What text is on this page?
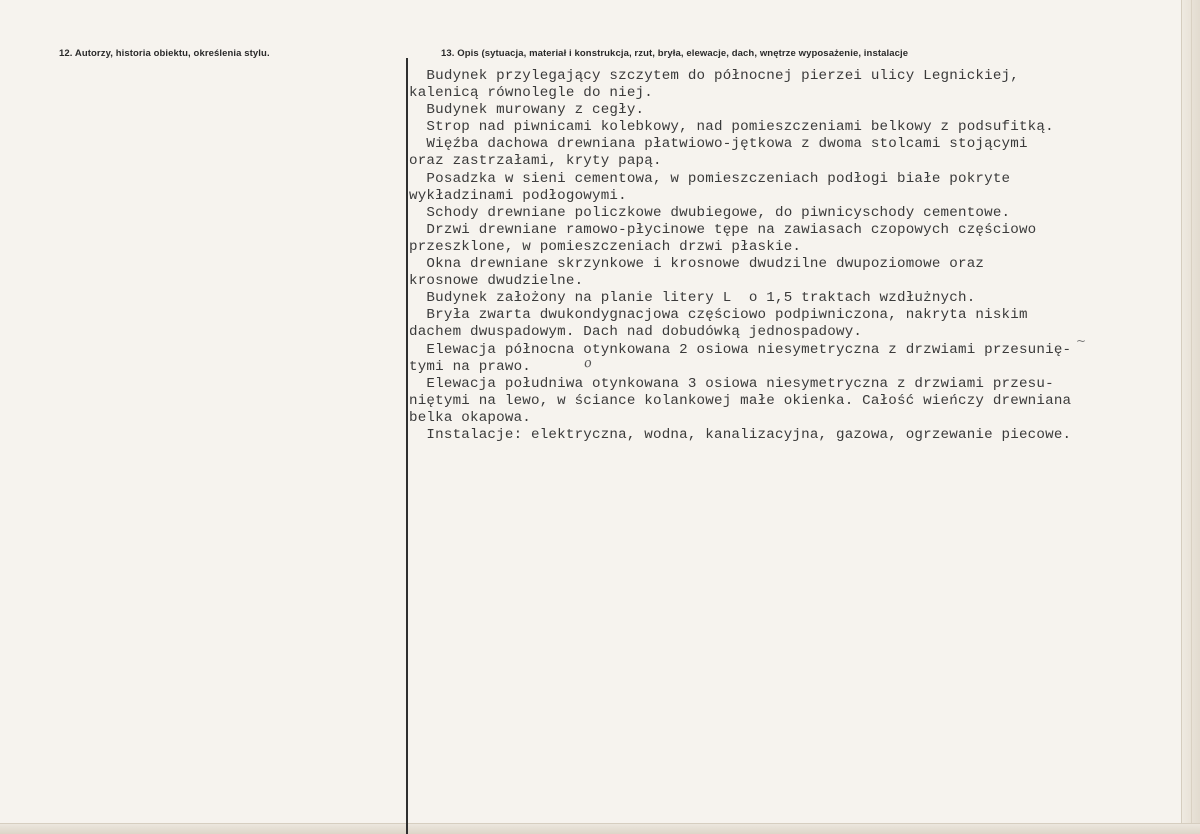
12. Autorzy, historia obiektu, określenia stylu.	13. Opis (sytuacja, materiał i konstrukcja, rzut, bryła, elewacje, dach, wnętrze wyposażenie, instalacje
Budynek przylegający szczytem do północnej pierzei ulicy Legnickiej,
kalenicą równolegle do niej.
Budynek murowany z cegły.
Strop nad piwnicami kolebkowy, nad pomieszczeniami belkowy z podsufitką.
Więźba dachowa drewniana płatwiowo-jętkowa z dwoma stolcami stojącymi
oraz zastrzałami, kryty papą.
Posadzka w sieni cementowa, w pomieszczeniach podłogi białe pokryte
wykładzinami podłogowymi.
Schody drewniane policzkowe dwubiegowe, do piwnicyschody cementowe.
Drzwi drewniane ramowo-płycinowe tępe na zawiasach czopowych częściowo
przeszklone, w pomieszczeniach drzwi płaskie.
Okna drewniane skrzynkowe i krosnowe dwudzilne dwupoziomowe oraz
krosnowe dwudzielne.
Budynek założony na planie litery L  o 1,5 traktach wzdłużnych.
Bryła zwarta dwukondygnacjowa częściowo podpiwniczona, nakryta niskim
dachem dwuspadowym. Dach nad dobudówką jednospadowy.
Elewacja północna otynkowana 2 osiowa niesymetryczna z drzwiami przesunię-
tymi na prawo.
Elewacja południwa otynkowana 3 osiowa niesymetryczna z drzwiami przesu-
niętymi na lewo, w ściance kolankowej małe okienka. Całość wieńczy drewniana
belka okapowa.
Instalacje: elektryczna, wodna, kanalizacyjna, gazowa, ogrzewanie piecowe.
o
~
